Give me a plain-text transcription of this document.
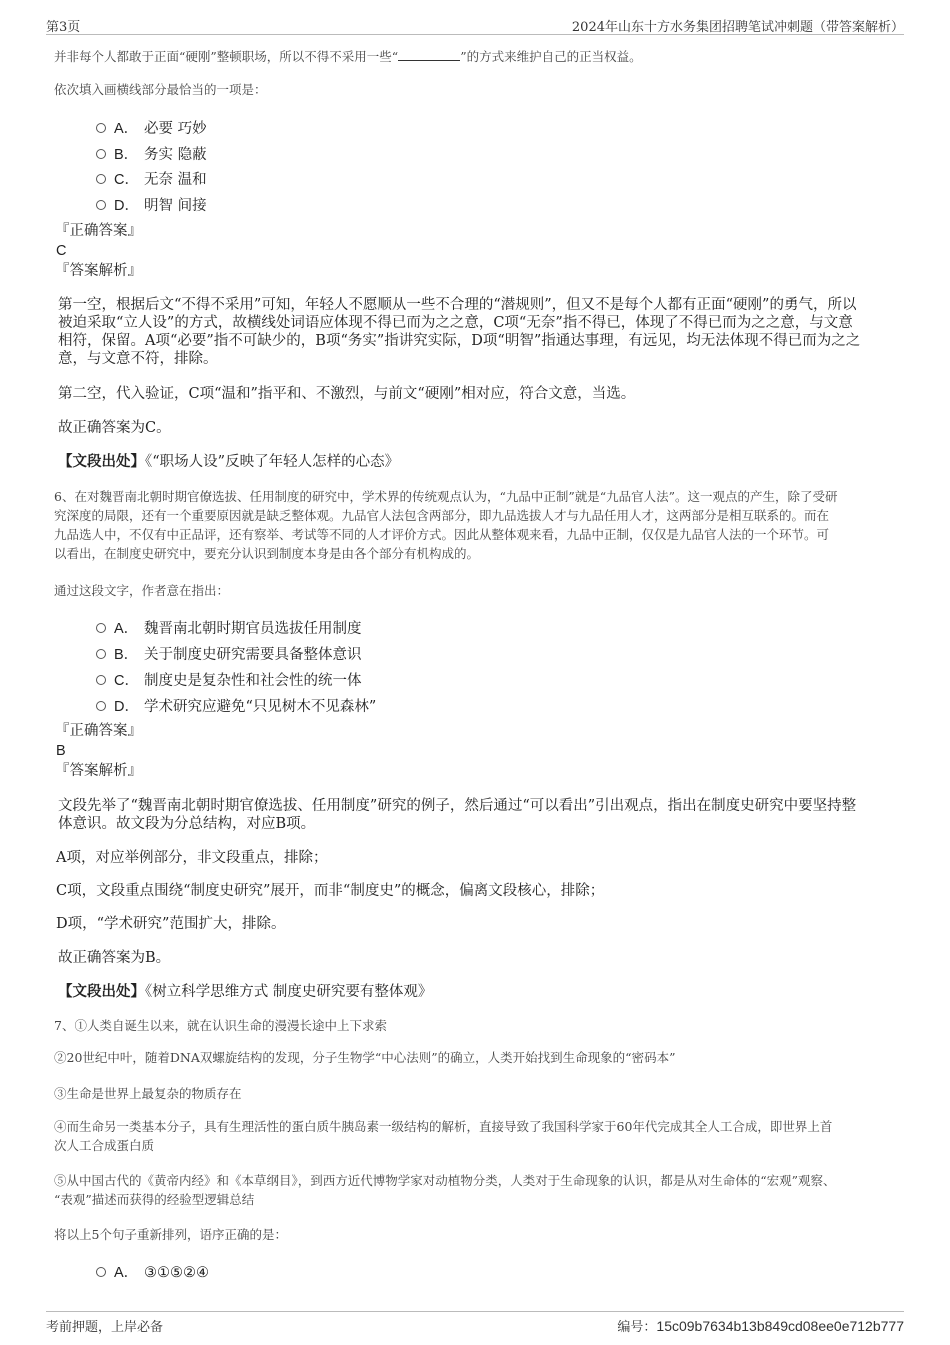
第3页	2024年山东十方水务集团招聘笔试冲刺题（带答案解析）
并非每个人都敢于正面“硬刚”整顿职场，所以不得不采用一些“	”的方式来维护自己的正当权益。
依次填入画横线部分最恰当的一项是：
A． 必要 巧妙
B． 务实 隐蔽
C． 无奈 温和
D． 明智 间接
『正确答案』
C
『答案解析』
第一空，根据后文“不得不采用”可知，年轻人不愿顺从一些不合理的“潜规则”，但又不是每个人都有正面“硬刚”的勇气，所以
被迫采取“立人设”的方式，故横线处词语应体现不得已而为之之意，C项“无奈”指不得已，体现了不得已而为之之意，与文意
相符，保留。A项“必要”指不可缺少的，B项“务实”指讲究实际，D项“明智”指通达事理，有远见，均无法体现不得已而为之之
意，与文意不符，排除。
第二空，代入验证，C项“温和”指平和、不激烈，与前文“硬刚”相对应，符合文意，当选。
故正确答案为C。
【文段出处】《“职场人设”反映了年轻人怎样的心态》
6、在对魏晋南北朝时期官僚选拔、任用制度的研究中，学术界的传统观点认为，“九品中正制”就是“九品官人法”。这一观点的产生，除了受研
究深度的局限，还有一个重要原因就是缺乏整体观。九品官人法包含两部分，即九品选拔人才与九品任用人才，这两部分是相互联系的。而在
九品选人中，不仅有中正品评，还有察举、考试等不同的人才评价方式。因此从整体观来看，九品中正制，仅仅是九品官人法的一个环节。可
以看出，在制度史研究中，要充分认识到制度本身是由各个部分有机构成的。
通过这段文字，作者意在指出：
A． 魏晋南北朝时期官员选拔任用制度
B． 关于制度史研究需要具备整体意识
C． 制度史是复杂性和社会性的统一体
D． 学术研究应避免“只见树木不见森林”
『正确答案』
B
『答案解析』
文段先举了“魏晋南北朝时期官僚选拔、任用制度”研究的例子，然后通过“可以看出”引出观点，指出在制度史研究中要坚持整
体意识。故文段为分总结构，对应B项。
A项，对应举例部分，非文段重点，排除；
C项，文段重点围绕“制度史研究”展开，而非“制度史”的概念，偏离文段核心，排除；
D项，“学术研究”范围扩大，排除。
故正确答案为B。
【文段出处】《树立科学思维方式 制度史研究要有整体观》
7、①人类自诞生以来，就在认识生命的漫漫长途中上下求索
②20世纪中叶，随着DNA双螺旋结构的发现，分子生物学“中心法则”的确立，人类开始找到生命现象的“密码本”
③生命是世界上最复杂的物质存在
④而生命另一类基本分子，具有生理活性的蛋白质牛胰岛素一级结构的解析，直接导致了我国科学家于60年代完成其全人工合成，即世界上首
次人工合成蛋白质
⑤从中国古代的《黄帝内经》和《本草纲目》，到西方近代博物学家对动植物分类，人类对于生命现象的认识，都是从对生命体的“宏观”观察、
“表观”描述而获得的经验型逻辑总结
将以上5个句子重新排列，语序正确的是：
A． ③①⑤②④
考前押题，上岸必备	编号：15c09b7634b13b849cd08ee0e712b777
